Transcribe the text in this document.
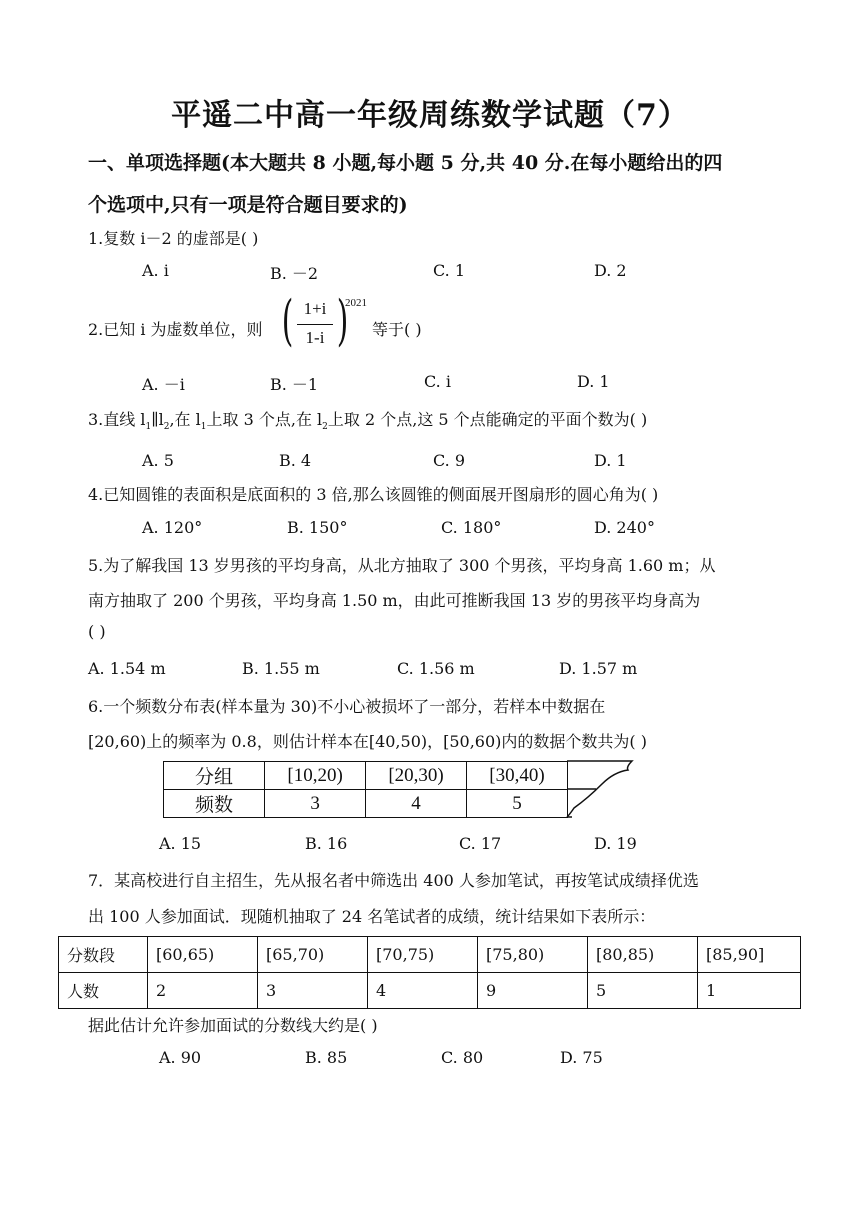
平遥二中高一年级周练数学试题（7）
一、单项选择题(本大题共 8 小题,每小题 5 分,共 40 分.在每小题给出的四
个选项中,只有一项是符合题目要求的)
1.复数 i－2 的虚部是( )
A. i	B. －2	C. 1	D. 2
2.已知 i 为虚数单位，则 ( 1+i
1-i )
2021
等于( )
A. －i	B. －1	C. i	D. 1
3.直线 $l_1\parallel l_2$,在 $l_1$上取 3 个点,在 $l_2$上取 2 个点,这 5 个点能确定的平面个数为( )
A. 5	B. 4	C. 9	D. 1
4.已知圆锥的表面积是底面积的 3 倍,那么该圆锥的侧面展开图扇形的圆心角为( )
A. 120°	B. 150°	C. 180°	D. 240°
5.为了解我国 13 岁男孩的平均身高，从北方抽取了 300 个男孩，平均身高 1.60 m；从
南方抽取了 200 个男孩，平均身高 1.50 m，由此可推断我国 13 岁的男孩平均身高为
( )
A. 1.54 m	B. 1.55 m	C. 1.56 m	D. 1.57 m
6.一个频数分布表(样本量为 30)不小心被损坏了一部分，若样本中数据在
[20,60)上的频率为 0.8，则估计样本在[40,50)，[50,60)内的数据个数共为( )
分组	[10,20)	[20,30)	[30,40)
频数	3	4	5
A. 15	B. 16	C. 17	D. 19
7．某高校进行自主招生，先从报名者中筛选出 400 人参加笔试，再按笔试成绩择优选
出 100 人参加面试．现随机抽取了 24 名笔试者的成绩，统计结果如下表所示：
分数段	[60,65)	[65,70)	[70,75)	[75,80)	[80,85)	[85,90]
人数	2	3	4	9	5	1
据此估计允许参加面试的分数线大约是( )
A. 90	B. 85	C. 80	D. 75
